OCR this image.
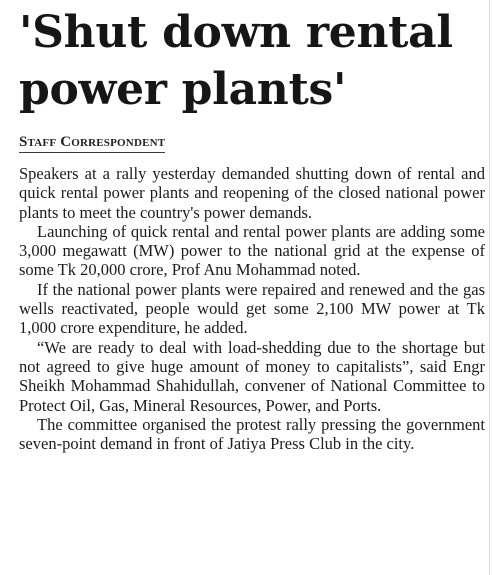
'Shut down rental power plants'
Staff Correspondent

Speakers at a rally yesterday demanded shutting down of rental and quick rental power plants and reopening of the closed national power plants to meet the country's power demands.

Launching of quick rental and rental power plants are adding some 3,000 megawatt (MW) power to the national grid at the expense of some Tk 20,000 crore, Prof Anu Mohammad noted.

If the national power plants were repaired and renewed and the gas wells reactivated, people would get some 2,100 MW power at Tk 1,000 crore expenditure, he added.

“We are ready to deal with load-shedding due to the shortage but not agreed to give huge amount of money to capitalists”, said Engr Sheikh Mohammad Shahidullah, convener of National Committee to Protect Oil, Gas, Mineral Resources, Power, and Ports.

The committee organised the protest rally pressing the government seven-point demand in front of Jatiya Press Club in the city.
